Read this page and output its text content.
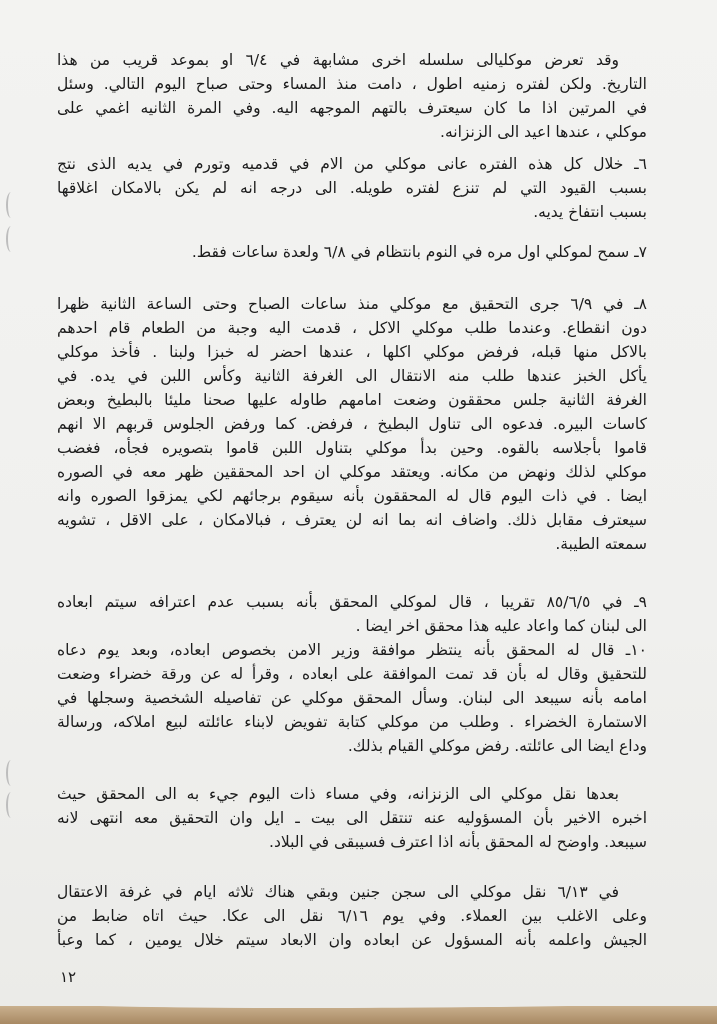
وقد تعرض موكليالى سلسله اخرى مشابهة في ٦/٤ او بموعد قريب من هذا
التاريخ. ولكن لفتره زمنيه اطول ، دامت منذ المساء وحتى صباح اليوم التالي. وسئل
في المرتين اذا ما كان سيعترف بالتهم الموجهه اليه. وفي المرة الثانيه اغمي على
موكلي ، عندها اعيد الى الزنزانه.
٦ـ خلال كل هذه الفتره عانى موكلي من الام في قدميه وتورم في يديه الذى نتج
بسبب القيود التي لم تنزع لفتره طويله. الى درجه انه لم يكن بالامكان اغلاقها
بسبب انتفاخ يديه.
٧ـ سمح لموكلي اول مره في النوم بانتظام في ٦/٨ ولعدة ساعات فقط.
٨ـ في ٦/٩ جرى التحقيق مع موكلي منذ ساعات الصباح وحتى الساعة الثانية ظهرا
دون انقطاع. وعندما طلب موكلي الاكل ، قدمت اليه وجبة من الطعام قام احدهم
بالاكل منها قبله، فرفض موكلي اكلها ، عندها احضر له خبزا ولبنا . فأخذ موكلي
يأكل الخبز عندها طلب منه الانتقال الى الغرفة الثانية وكأس اللبن في يده. في
الغرفة الثانية جلس محققون وضعت امامهم طاوله عليها صحنا مليئا بالبطيخ وبعض
كاسات البيره. فدعوه الى تناول البطيخ ، فرفض. كما ورفض الجلوس قربهم الا انهم
قاموا بأجلاسه بالقوه. وحين بدأ موكلي بتناول اللبن قاموا بتصويره فجأه، فغضب
موكلي لذلك ونهض من مكانه. ويعتقد موكلي ان احد المحققين ظهر معه في الصوره
ايضا . في ذات اليوم قال له المحققون بأنه سيقوم برجائهم لكي يمزقوا الصوره وانه
سيعترف مقابل ذلك. واضاف انه بما انه لن يعترف ، فبالامكان ، على الاقل ، تشويه
سمعته الطيبة.
٩ـ في ٨٥/٦/٥ تقريبا ، قال لموكلي المحقق بأنه بسبب عدم اعترافه سيتم ابعاده
الى لبنان كما واعاد عليه هذا محقق اخر ايضا .
١٠ـ قال له المحقق بأنه ينتظر موافقة وزير الامن بخصوص ابعاده، وبعد يوم دعاه
للتحقيق وقال له بأن قد تمت الموافقة على ابعاده ، وقرأ له عن ورقة خضراء وضعت
امامه بأنه سيبعد الى لبنان. وسأل المحقق موكلي عن تفاصيله الشخصية وسجلها في
الاستمارة الخضراء . وطلب من موكلي كتابة تفويض لابناء عائلته لبيع املاكه، ورسالة
وداع ايضا الى عائلته. رفض موكلي القيام بذلك.
بعدها نقل موكلي الى الزنزانه، وفي مساء ذات اليوم جيء به الى المحقق حيث
اخبره الاخير بأن المسؤوليه عنه تنتقل الى بيت ـ ايل وان التحقيق معه انتهى لانه
سيبعد. واوضح له المحقق بأنه اذا اعترف فسيبقى في البلاد.
في ٦/١٣ نقل موكلي الى سجن جنين وبقي هناك ثلاثه ايام في غرفة الاعتقال
وعلى الاغلب بين العملاء. وفي يوم ٦/١٦ نقل الى عكا. حيث اتاه ضابط من
الجيش واعلمه بأنه المسؤول عن ابعاده وان الابعاد سيتم خلال يومين ، كما وعبأ
١٢
